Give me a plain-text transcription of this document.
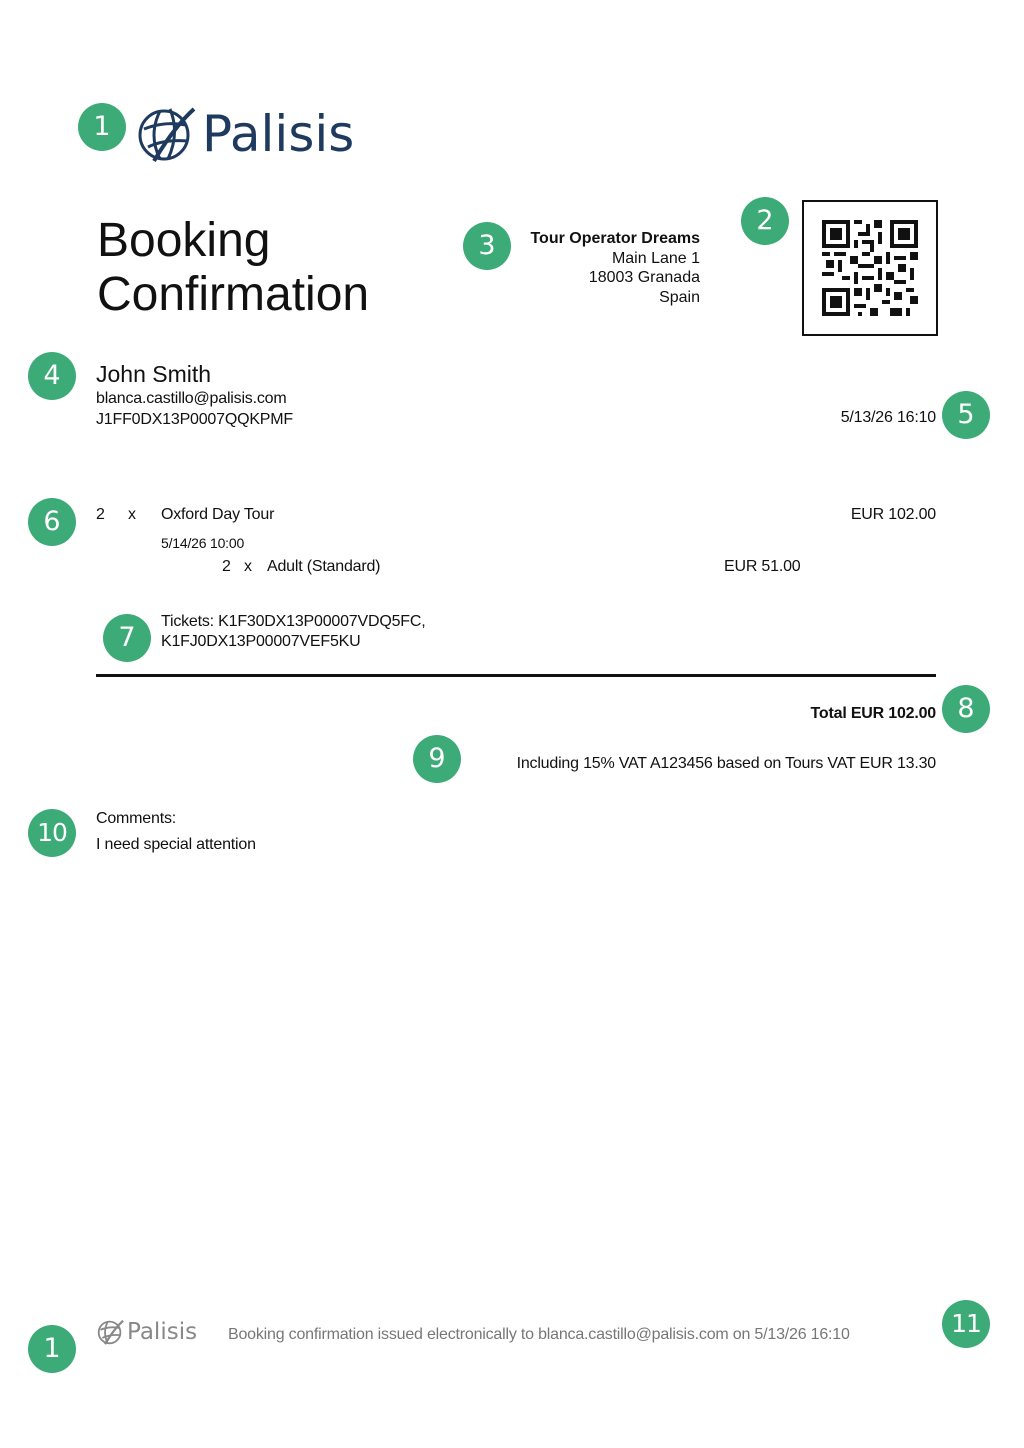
1	Palisis
Booking
Confirmation
3	Tour Operator Dreams
Main Lane 1
18003 Granada
Spain
2
4	John Smith
blanca.castillo@palisis.com
J1FF0DX13P0007QQKPMF	5/13/26 16:10 5
6	2 x Oxford Day Tour	EUR 102.00
5/14/26 10:00
2 x Adult (Standard)	EUR 51.00
7
Tickets: K1F30DX13P00007VDQ5FC,
K1FJ0DX13P00007VEF5KU
Total EUR 102.00 8
9	Including 15% VAT A123456 based on Tours VAT EUR 13.30
10	Comments:
I need special attention
1
Palisis Booking confirmation issued electronically to blanca.castillo@palisis.com on 5/13/26 16:10	11
